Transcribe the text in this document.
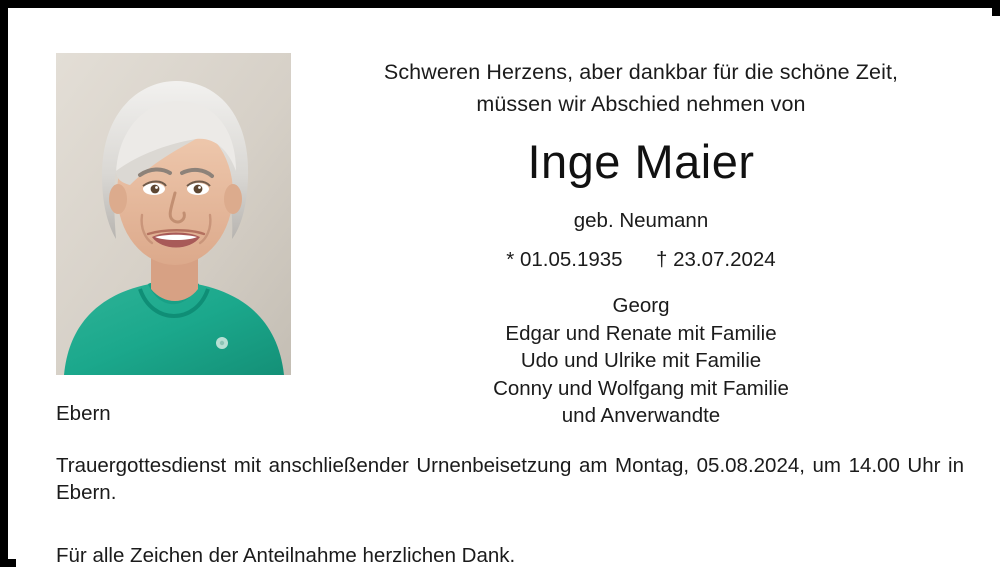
Schweren Herzens, aber dankbar für die schöne Zeit,
müssen wir Abschied nehmen von
Inge Maier
geb. Neumann
* 01.05.1935 † 23.07.2024
Georg
Edgar und Renate mit Familie
Udo und Ulrike mit Familie
Conny und Wolfgang mit Familie
und Anverwandte
Ebern
Trauergottesdienst mit anschließender Urnenbeisetzung am Montag, 05.08.2024, um 14.00 Uhr in Ebern.
Für alle Zeichen der Anteilnahme herzlichen Dank.
